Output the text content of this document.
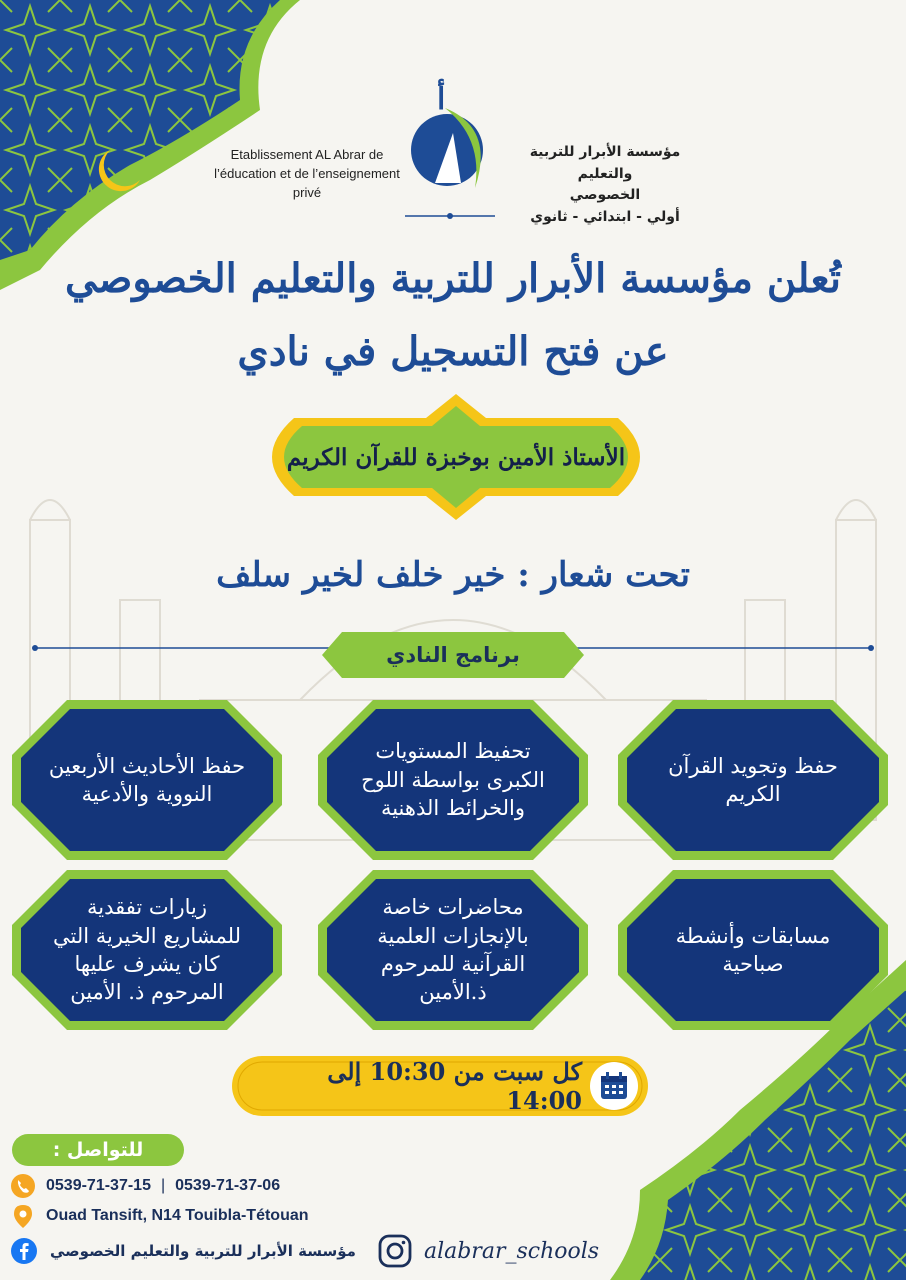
Etablissement AL Abrar de l’éducation et de l’enseignement privé
أ
مؤسسة الأبرار للتربية والتعليم
الخصوصي
أولي - ابتدائي - ثانوي
تُعلن مؤسسة الأبرار للتربية والتعليم الخصوصي
عن فتح التسجيل في نادي
الأستاذ الأمين بوخبزة للقرآن الكريم
تحت شعار : خير خلف لخير سلف
برنامج النادي
حفظ وتجويد القرآن الكريم
تحفيظ المستويات الكبرى بواسطة اللوح والخرائط الذهنية
حفظ الأحاديث الأربعين النووية والأدعية
مسابقات وأنشطة صباحية
محاضرات خاصة بالإنجازات العلمية القرآنية للمرحوم ذ.الأمين
زيارات تفقدية للمشاريع الخيرية التي كان يشرف عليها المرحوم ذ. الأمين
كل سبت من 10:30 إلى 14:00
للتواصل :
0539-71-37-15 | 0539-71-37-06
Ouad Tansift, N14 Touibla-Tétouan
مؤسسة الأبرار للتربية والتعليم الخصوصي	alabrar_schools
